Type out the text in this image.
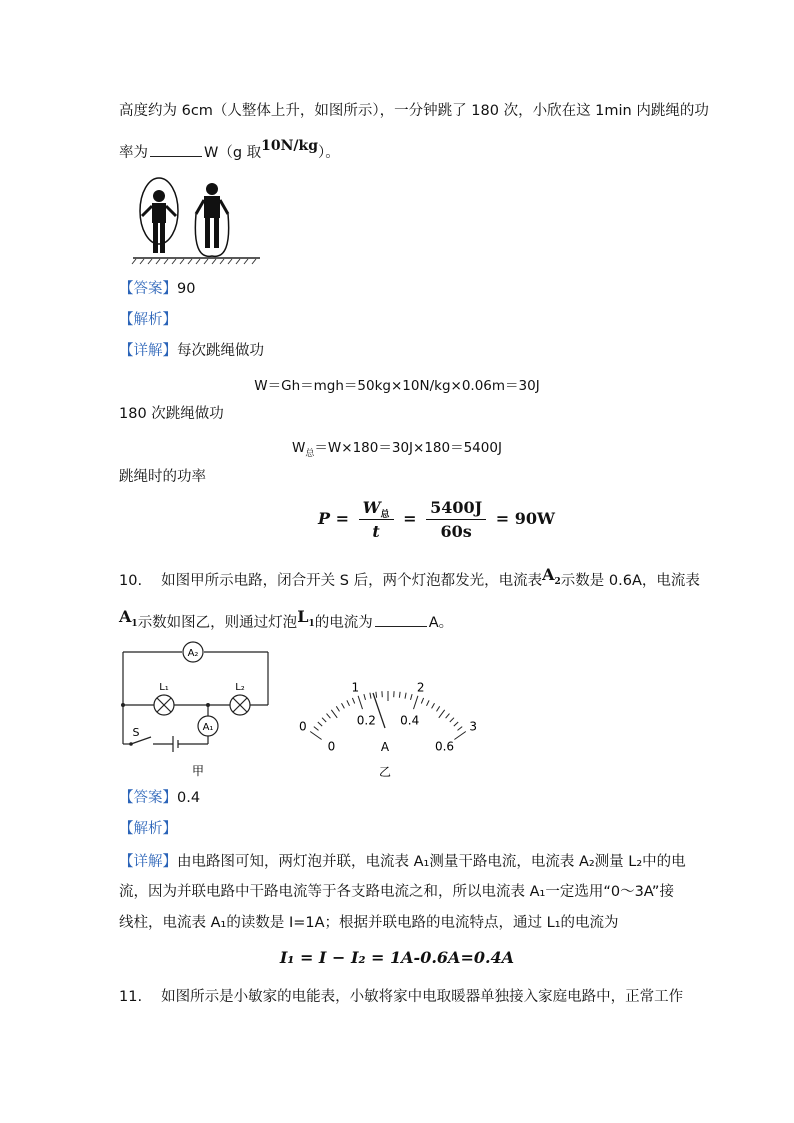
高度约为 6cm（人整体上升，如图所示），一分钟跳了 180 次，小欣在这 1min 内跳绳的功
率为	W（g 取10N/kg）。
【答案】90
【解析】
【详解】每次跳绳做功
W＝Gh＝mgh＝50kg×10N/kg×0.06m＝30J
180 次跳绳做功
$W_总=W\times 180=30J\times 180=5400J$
跳绳时的功率
$P = \frac{W_总}{t} = \frac{5400J}{60s} = 90W$
10.　 如图甲所示电路，闭合开关 S 后，两个灯泡都发光，电流表$A_2$示数是 0.6A，电流表
$A_1$示数如图乙，则通过灯泡$L_1$的电流为	A。
A₂
L₁	L₂
A₁
S
甲
0
0
1
0.2
2
0.4	3
0.6
A
乙
【答案】0.4
【解析】
【详解】由电路图可知，两灯泡并联，电流表 A₁测量干路电流，电流表 A₂测量 L₂中的电
流，因为并联电路中干路电流等于各支路电流之和，所以电流表 A₁一定选用“0～3A”接
线柱，电流表 A₁的读数是 I=1A；根据并联电路的电流特点，通过 L₁的电流为
I₁ = I − I₂ = 1A-0.6A=0.4A
11.　 如图所示是小敏家的电能表，小敏将家中电取暖器单独接入家庭电路中，正常工作
